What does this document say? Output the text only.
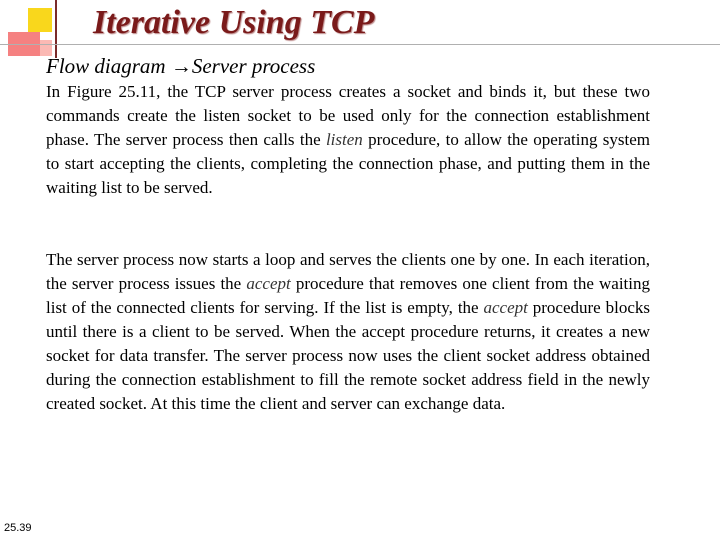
Iterative Using TCP
Flow diagram →Server process

In Figure 25.11, the TCP server process creates a socket and binds it, but these two commands create the listen socket to be used only for the connection establishment phase. The server process then calls the listen procedure, to allow the operating system to start accepting the clients, completing the connection phase, and putting them in the waiting list to be served.

The server process now starts a loop and serves the clients one by one. In each iteration, the server process issues the accept procedure that removes one client from the waiting list of the connected clients for serving. If the list is empty, the accept procedure blocks until there is a client to be served. When the accept procedure returns, it creates a new socket for data transfer. The server process now uses the client socket address obtained during the connection establishment to fill the remote socket address field in the newly created socket. At this time the client and server can exchange data.

25.39
